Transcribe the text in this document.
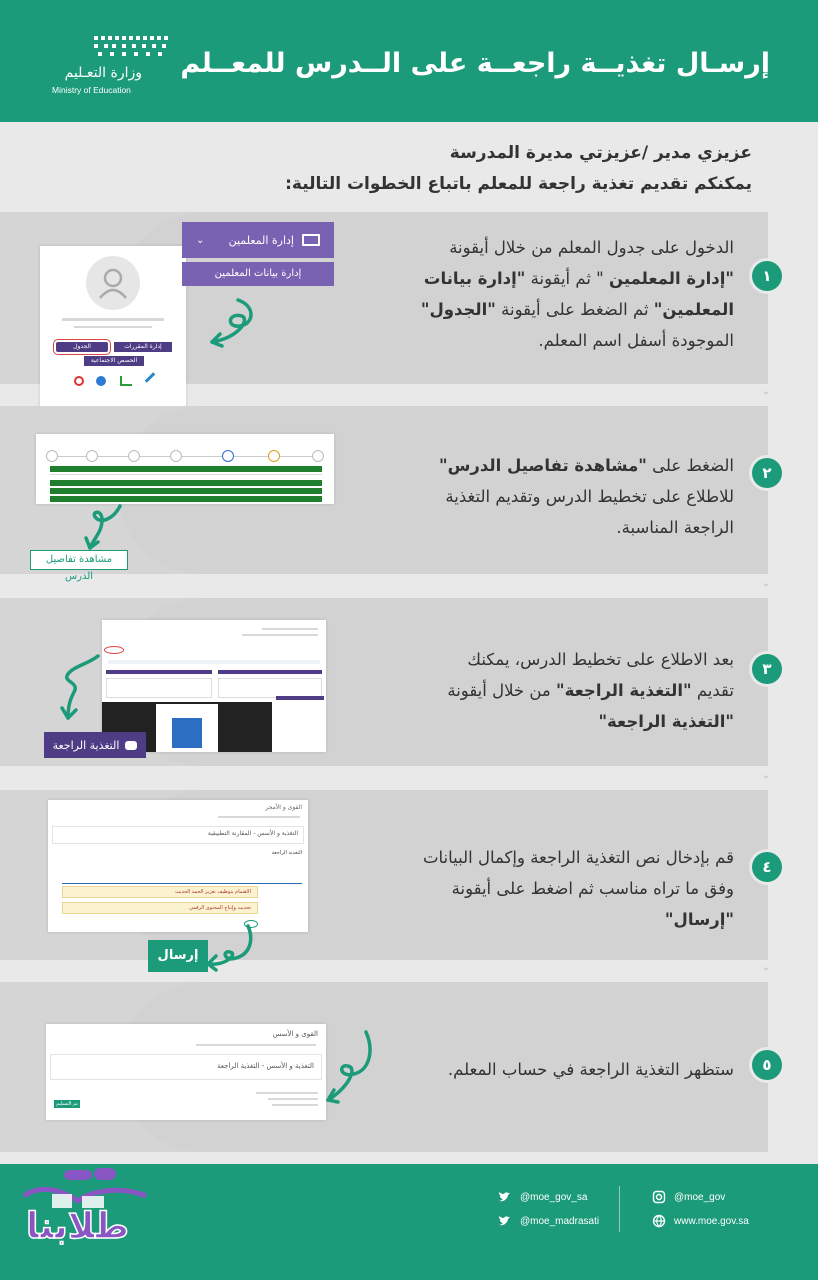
وزارة التعـليم
Ministry of Education
إرسـال تغذيــة راجعــة على الــدرس للمعــلم
عزيزي مدير /عزيزتي مديرة المدرسة
يمكنكم تقديم تغذية راجعة للمعلم باتباع الخطوات التالية:
١
الدخول على جدول المعلم من خلال أيقونة
"إدارة المعلمين " ثم أيقونة "إدارة بيانات
المعلمين" ثم الضغط على أيقونة "الجدول"
الموجودة أسفل اسم المعلم.
إدارة المقررات
الجدول
الحصص الاجتماعية
إدارة المعلمين
⌄
إدارة بيانات المعلمين
⌄
٢
الضغط على "مشاهدة تفاصيل الدرس"
للاطلاع على تخطيط الدرس وتقديم التغذية
الراجعة المناسبة.
مشاهدة تفاصيل الدرس
⌄
٣
بعد الاطلاع على تخطيط الدرس، يمكنك
تقديم "التغذية الراجعة" من خلال أيقونة
"التغذية الراجعة"
التغذية الراجعة
⌄
٤
قم بإدخال نص التغذية الراجعة وإكمال البيانات
وفق ما تراه مناسب ثم اضغط على أيقونة
"إرسال"
القوى و الأمجر
التغذية و الأسس - المقارنة التطبيقية
التغذية الراجعة
الاهتمام بتوظيف تعزيز الحمد الحديث
تحديث وإنتاج المحتوى الرقمي
إرسال
⌄
٥
ستظهر التغذية الراجعة في حساب المعلم.
القوى و الأسس
التغذية و الأسس - التغذية الراجعة
تم التسليم
@moe_gov_sa
@moe_madrasati
@moe_gov
www.moe.gov.sa
طلابنا
